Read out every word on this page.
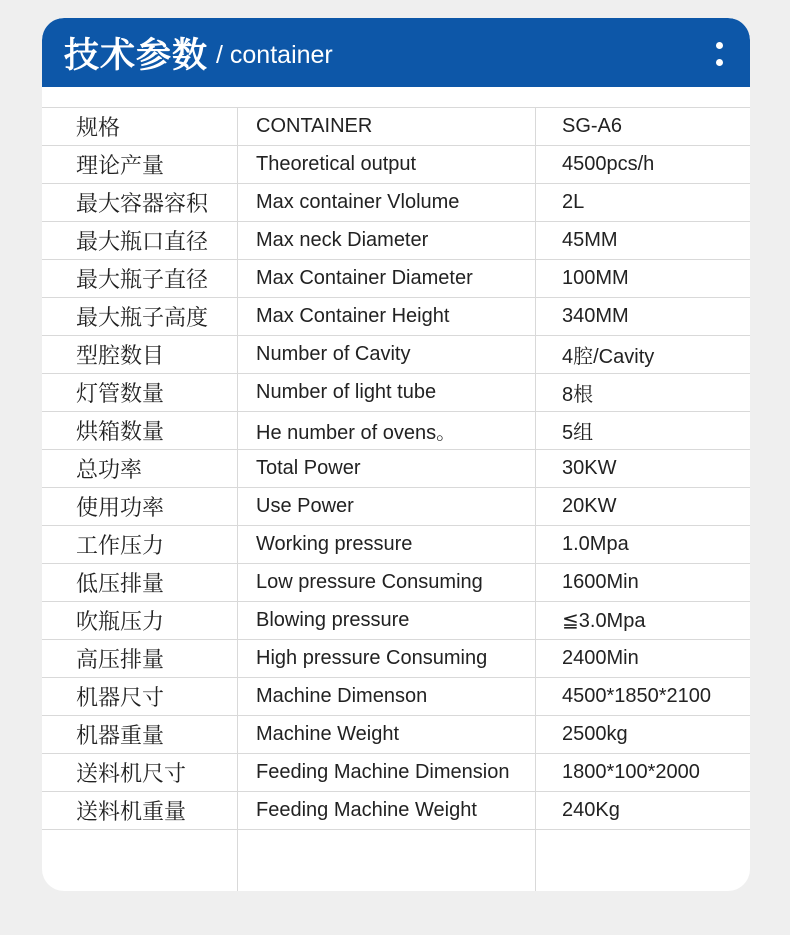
技术参数 / container
规格	CONTAINER	SG-A6
理论产量	Theoretical output	4500pcs/h
最大容器容积	Max container Vlolume	2L
最大瓶口直径	Max neck Diameter	45MM
最大瓶子直径	Max Container Diameter	100MM
最大瓶子高度	Max Container Height	340MM
型腔数目	Number of Cavity	4腔/Cavity
灯管数量	Number of light tube	8根
烘箱数量	He number of ovens。	5组
总功率	Total Power	30KW
使用功率	Use Power	20KW
工作压力	Working pressure	1.0Mpa
低压排量	Low pressure Consuming	1600Min
吹瓶压力	Blowing pressure	≦3.0Mpa
高压排量	High pressure Consuming	2400Min
机器尺寸	Machine Dimenson	4500*1850*2100
机器重量	Machine Weight	2500kg
送料机尺寸	Feeding Machine Dimension	1800*100*2000
送料机重量	Feeding Machine Weight	240Kg
